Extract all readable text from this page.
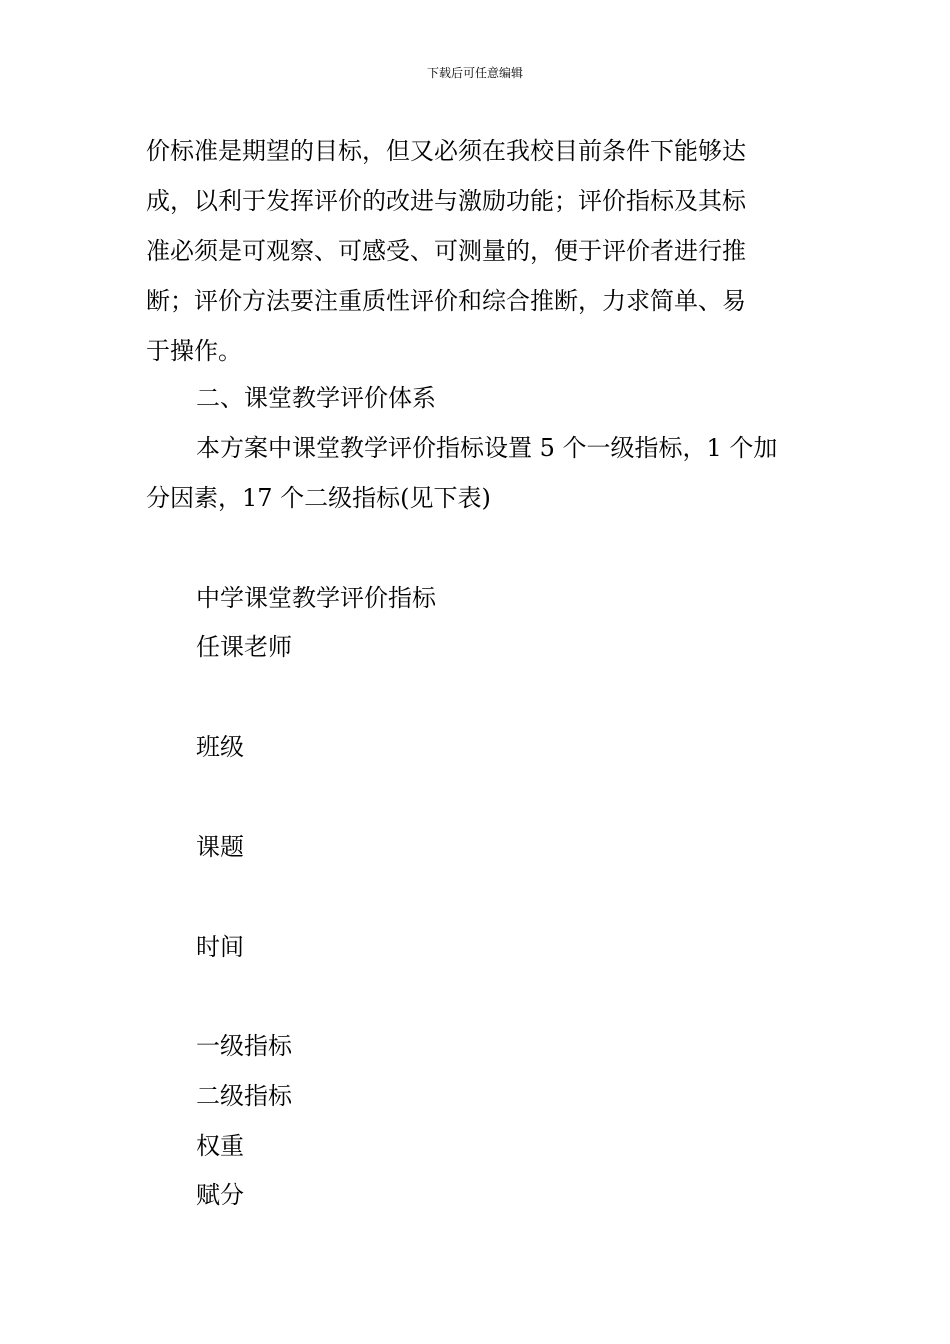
下载后可任意编辑
价标准是期望的目标，但又必须在我校目前条件下能够达
成，以利于发挥评价的改进与激励功能；评价指标及其标
准必须是可观察、可感受、可测量的，便于评价者进行推
断；评价方法要注重质性评价和综合推断，力求简单、易
于操作。
二、课堂教学评价体系
本方案中课堂教学评价指标设置 5 个一级指标，1 个加
分因素，17 个二级指标(见下表)
中学课堂教学评价指标
任课老师
班级
课题
时间
一级指标
二级指标
权重
赋分
